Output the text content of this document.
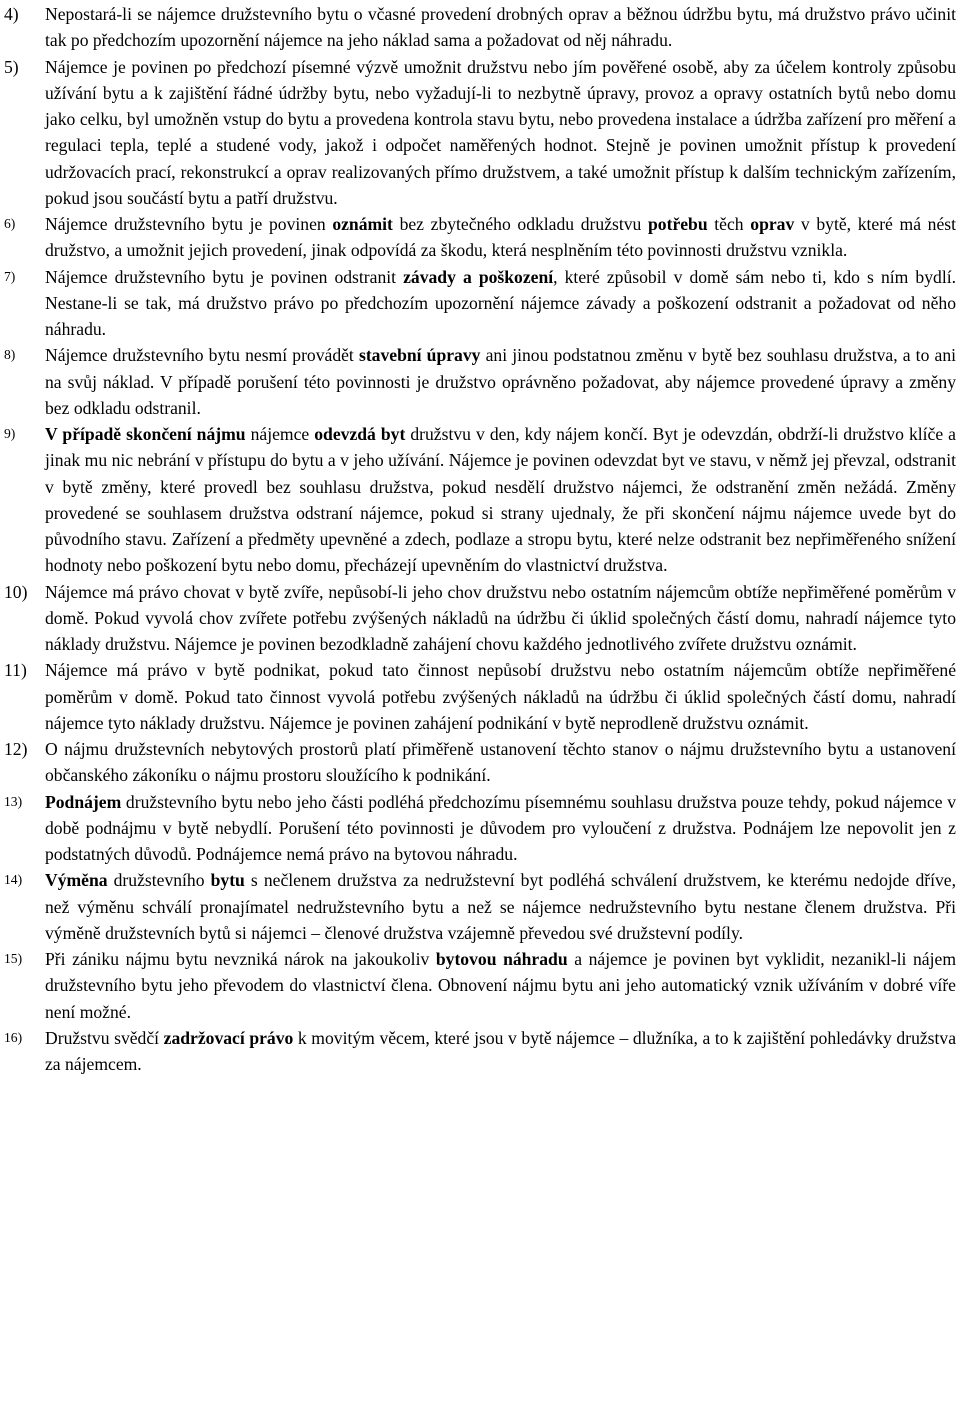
4)	Nepostará-li se nájemce družstevního bytu o včasné provedení drobných oprav a běžnou údržbu bytu, má družstvo právo učinit tak po předchozím upozornění nájemce na jeho náklad sama a požadovat od něj náhradu.
5)	Nájemce je povinen po předchozí písemné výzvě umožnit družstvu nebo jím pověřené osobě, aby za účelem kontroly způsobu užívání bytu a k zajištění řádné údržby bytu, nebo vyžadují-li to nezbytně úpravy, provoz a opravy ostatních bytů nebo domu jako celku, byl umožněn vstup do bytu a provedena kontrola stavu bytu, nebo provedena instalace a údržba zařízení pro měření a regulaci tepla, teplé a studené vody, jakož i odpočet naměřených hodnot. Stejně je povinen umožnit přístup k provedení udržovacích prací, rekonstrukcí a oprav realizovaných přímo družstvem, a také umožnit přístup k dalším technickým zařízením, pokud jsou součástí bytu a patří družstvu.
6)	Nájemce družstevního bytu je povinen oznámit bez zbytečného odkladu družstvu potřebu těch oprav v bytě, které má nést družstvo, a umožnit jejich provedení, jinak odpovídá za škodu, která nesplněním této povinnosti družstvu vznikla.
7)	Nájemce družstevního bytu je povinen odstranit závady a poškození, které způsobil v domě sám nebo ti, kdo s ním bydlí. Nestane-li se tak, má družstvo právo po předchozím upozornění nájemce závady a poškození odstranit a požadovat od něho náhradu.
8)	Nájemce družstevního bytu nesmí provádět stavební úpravy ani jinou podstatnou změnu v bytě bez souhlasu družstva, a to ani na svůj náklad. V případě porušení této povinnosti je družstvo oprávněno požadovat, aby nájemce provedené úpravy a změny bez odkladu odstranil.
9)	V případě skončení nájmu nájemce odevzdá byt družstvu v den, kdy nájem končí. Byt je odevzdán, obdrží-li družstvo klíče a jinak mu nic nebrání v přístupu do bytu a v jeho užívání. Nájemce je povinen odevzdat byt ve stavu, v němž jej převzal, odstranit v bytě změny, které provedl bez souhlasu družstva, pokud nesdělí družstvo nájemci, že odstranění změn nežádá. Změny provedené se souhlasem družstva odstraní nájemce, pokud si strany ujednaly, že při skončení nájmu nájemce uvede byt do původního stavu. Zařízení a předměty upevněné a zdech, podlaze a stropu bytu, které nelze odstranit bez nepřiměřeného snížení hodnoty nebo poškození bytu nebo domu, přecházejí upevněním do vlastnictví družstva.
10) Nájemce má právo chovat v bytě zvíře, nepůsobí-li jeho chov družstvu nebo ostatním nájemcům obtíže nepřiměřené poměrům v domě. Pokud vyvolá chov zvířete potřebu zvýšených nákladů na údržbu či úklid společných částí domu, nahradí nájemce tyto náklady družstvu. Nájemce je povinen bezodkladně zahájení chovu každého jednotlivého zvířete družstvu oznámit.
11)	Nájemce má právo v bytě podnikat, pokud tato činnost nepůsobí družstvu nebo ostatním nájemcům obtíže nepřiměřené poměrům v domě. Pokud tato činnost vyvolá potřebu zvýšených nákladů na údržbu či úklid společných částí domu, nahradí nájemce tyto náklady družstvu. Nájemce je povinen zahájení podnikání v bytě neprodleně družstvu oznámit.
12) O nájmu družstevních nebytových prostorů platí přiměřeně ustanovení těchto stanov o nájmu družstevního bytu a ustanovení občanského zákoníku o nájmu prostoru sloužícího k podnikání.
13)	Podnájem družstevního bytu nebo jeho části podléhá předchozímu písemnému souhlasu družstva pouze tehdy, pokud nájemce v době podnájmu v bytě nebydlí. Porušení této povinnosti je důvodem pro vyloučení z družstva. Podnájem lze nepovolit jen z podstatných důvodů. Podnájemce nemá právo na bytovou náhradu.
14)	Výměna družstevního bytu s nečlenem družstva za nedružstevní byt podléhá schválení družstvem, ke kterému nedojde dříve, než výměnu schválí pronajímatel nedružstevního bytu a než se nájemce nedružstevního bytu nestane členem družstva. Při výměně družstevních bytů si nájemci – členové družstva vzájemně převedou své družstevní podíly.
15)	Při zániku nájmu bytu nevzniká nárok na jakoukoliv bytovou náhradu a nájemce je povinen byt vyklidit, nezanikl-li nájem družstevního bytu jeho převodem do vlastnictví člena. Obnovení nájmu bytu ani jeho automatický vznik užíváním v dobré víře není možné.
16)	Družstvu svědčí zadržovací právo k movitým věcem, které jsou v bytě nájemce – dlužníka, a to k zajištění pohledávky družstva za nájemcem.
